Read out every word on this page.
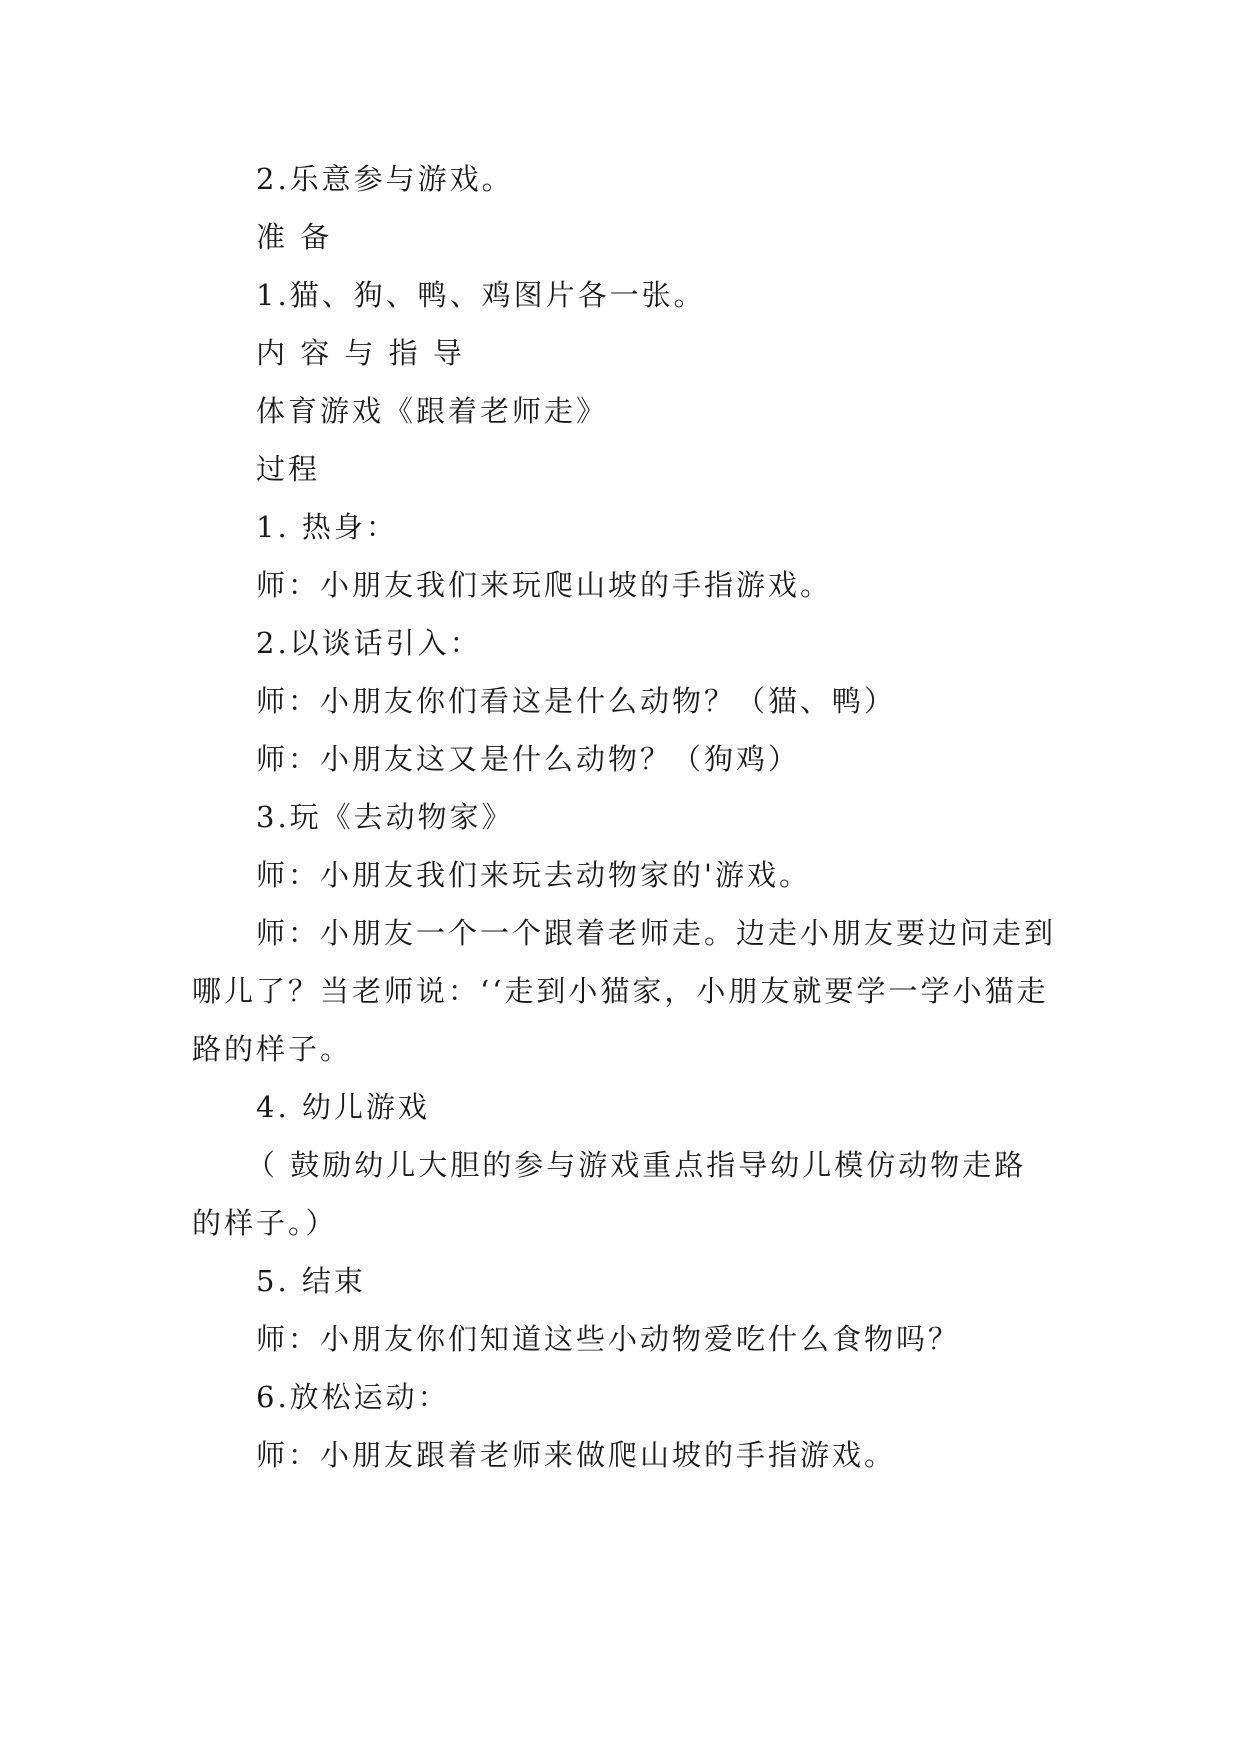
2.乐意参与游戏。

准 备

1.猫、狗、鸭、鸡图片各一张。

内 容 与 指 导

体育游戏《跟着老师走》

过程

1. 热身：

师：小朋友我们来玩爬山坡的手指游戏。

2.以谈话引入：

师：小朋友你们看这是什么动物？（猫、鸭）

师：小朋友这又是什么动物？（狗鸡）

3.玩《去动物家》

师：小朋友我们来玩去动物家的'游戏。

师：小朋友一个一个跟着老师走。边走小朋友要边问走到哪儿了？当老师说：‘‘走到小猫家，小朋友就要学一学小猫走路的样子。

4. 幼儿游戏

（ 鼓励幼儿大胆的参与游戏重点指导幼儿模仿动物走路的样子。）

5. 结束

师：小朋友你们知道这些小动物爱吃什么食物吗？

6.放松运动：

师：小朋友跟着老师来做爬山坡的手指游戏。
